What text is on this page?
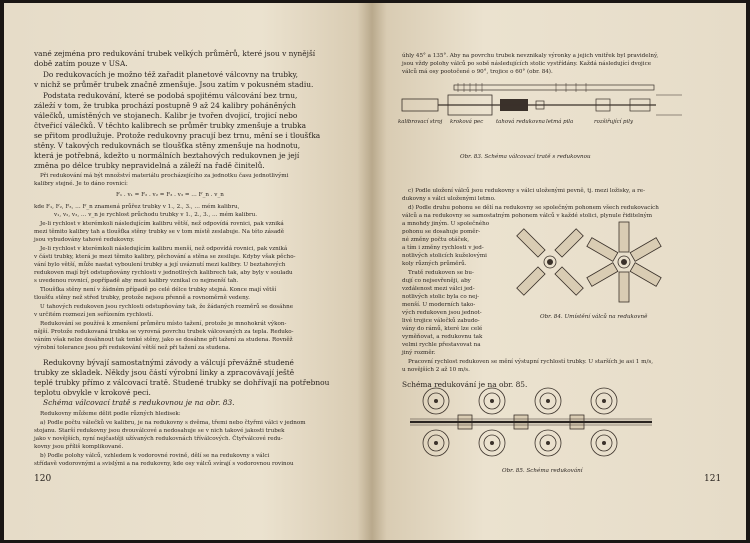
vané zejména pro redukování trubek velkých průměrů, které jsou v nynější
době zatím pouze v USA.
Do redukovacích je možno též zařadit planetové válcovny na trubky,
v nichž se průměr trubek značně zmenšuje. Jsou zatím v pokusném stadiu.
Podstata redukování, které se podobá spojitému válcování bez trnu,
záleží v tom, že trubka prochází postupně 9 až 24 kalibry poháněných
válečků, umístěných ve stojanech. Kalibr je tvořen dvojicí, trojicí nebo
čtveřicí válečků. V těchto kalibrech se průměr trubky zmenšuje a trubka
se přitom prodlužuje. Protože redukovny pracují bez trnu, mění se i tloušťka
stěny. V takových redukovnách se tloušťka stěny zmenšuje na hodnotu,
která je potřebná, kdežto u normálních beztahových redukovnen je její
změna po délce trubky nepravidelná a záleží na řadě činitelů.
Při redukování má být množství materiálu procházejícího za jednotku času jednotlivými
kalibry stejné. Je to dáno rovnicí:
F₁ . v₁ = F₂ . v₂ = F₃ . v₃ = … F_n . v_n
kde F₁, F₂, F₃, … F_n znamená průřez trubky v 1., 2., 3., … mém kalibru,
v₁, v₂, v₃, … v_n je rychlost průchodu trubky v 1., 2., 3., … mém kalibru.
Je-li rychlost v kterémkoli následujícím kalibru větší, než odpovídá rovnici, pak vzniká
mezi těmito kalibry tah a tloušťka stěny trubky se v tom místě zeslabuje. Na této zásadě
jsou vybudovány tahové redukovny.
Je-li rychlost v kterémkoli následujícím kalibru menší, než odpovídá rovnici, pak vzniká
v části trubky, která je mezi těmito kalibry, pěchování a stěna se zesiluje. Kdyby však pěcho-
vání bylo větší, může nastat vyboulení trubky a její uváznutí mezi kalibry. U beztahových
redukoven mají být odstupňovány rychlosti v jednotlivých kalibrech tak, aby byly v souladu
s uvedenou rovnicí, popřípadě aby mezi kalibry vznikal co nejmenší tah.
Tloušťka stěny není v žádném případě po celé délce trubky stejná. Konce mají větší
tloušťu stěny než střed trubky, protože nejsou přenně a rovnoměrně vedeny.
U tahových redukoven jsou rychlosti odstupňovány tak, že žádaných rozměrů se dosáhne
v určitém rozmezí jen seřízením rychlostí.
Redukování se používá k zmenšení průměru místo tažení, protože je mnohokrát výkon-
nější. Protože redukovaná trubka se vyrovná povrchu trubek válcovaných za tepla. Reduko-
váním však nelze dosáhnout tak tenké stěny, jako se dosáhne při tažení za studena. Rovněž
výrobní tolerance jsou při redukování větší než při tažení za studena.
Redukovny bývají samostatnými závody a válcují převážně studené
trubky ze skladek. Někdy jsou částí výrobní linky a zpracovávají ještě
teplé trubky přímo z válcovací tratě. Studené trubky se dohřívají na potřebnou
teplotu obvykle v krokové peci.
Schéma válcovací tratě s redukovnou je na obr. 83.
Redukovny můžeme dělit podle různých hledisek:
a) Podle počtu válečků ve kalibru, je na redukovny s dvěma, třemi nebo čtyřmi válci v jednom
stojanu. Starší redukovny jsou dvouválcové a nedosahuje se v nich takové jakosti trubek
jako v novějších, nyní nejčastěji užívaných redukovnách tříválcových. Čtyřválcové redu-
kovny jsou příliš komplikované.
b) Podle polohy válců, vzhledem k vodorovné rovině, dělí se na redukovny s válci
střídavě vodorovnými a svislými a na redukovny, kde osy válců svírají s vodorovnou rovinou
120
úhly 45° a 135°. Aby na povrchu trubek nevznikaly výronky a jejich vnitřek byl pravidelný,
jsou vždy polohy válců po sobě následujících stolic vystřídány. Každá následující dvojice
válců má osy pootočené o 90°, trojice o 60° (obr. 84).
c) Podle uložení válců jsou redukovny s válci uloženými pevně, tj. mezi ložisky, a re-
dukovny s válci uloženými letmo.
d) Podle druhu pohonu se dělí na redukovny se společným pohonem všech redukovacích
válců a na redukovny se samostatným pohonem válců v každé stolici, plynule řiditelným
a mnohdy jiným. U společného
pohonu se dosahuje poměr-
né změny počtu otáček,
a tím i změny rychlosti v jed-
notlivých stolicích kuželovými
koly různých průměrů.
Tratě redukoven se bu-
dují co nejsevřeněji, aby
vzdálenost mezi válci jed-
notlivých stolic byla co nej-
menší. U moderních tako-
vých redukoven jsou jednot-
livé trojice válečků zabudo-
vány do rámů, které lze celé
vyměňovat, a redukovnu tak
velmi rychle přestavovat na
jiný rozměr.
Pracovní rychlost redukoven se mění výstupní rychlostí trubky. U starších je asi 1 m/s,
u novějších 2 až 10 m/s.
Schéma redukování je na obr. 85.
kalibrovací stroj kroková pec tahová redukovna letmá pila	rozšiřující pily
Obr. 83. Schéma válcovací tratě s redukovnou
Obr. 84. Umístění válců na redukovně
Obr. 85. Schéma redukování
121
